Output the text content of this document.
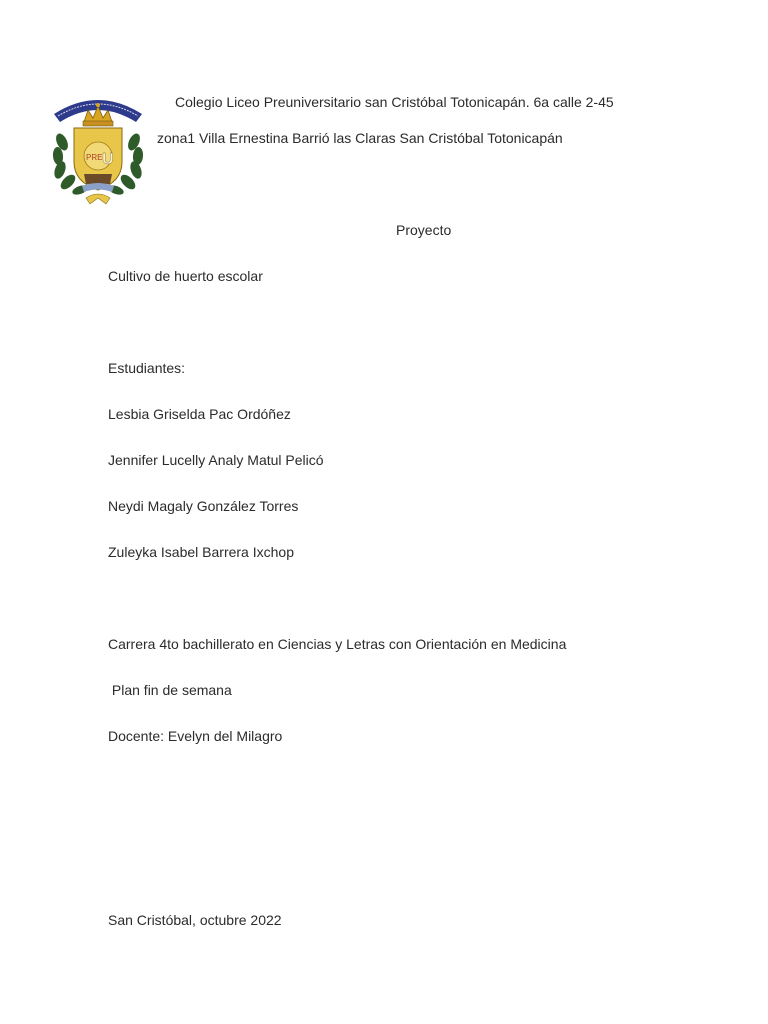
PRE U
Colegio Liceo Preuniversitario san Cristóbal Totonicapán. 6a calle 2-45
zona1 Villa Ernestina Barrió las Claras San Cristóbal Totonicapán
Proyecto
Cultivo de huerto escolar
Estudiantes:
Lesbia Griselda Pac Ordóñez
Jennifer Lucelly Analy Matul Pelicó
Neydi Magaly González Torres
Zuleyka Isabel Barrera Ixchop
Carrera 4to bachillerato en Ciencias y Letras con Orientación en Medicina
Plan fin de semana
Docente: Evelyn del Milagro
San Cristóbal, octubre 2022
